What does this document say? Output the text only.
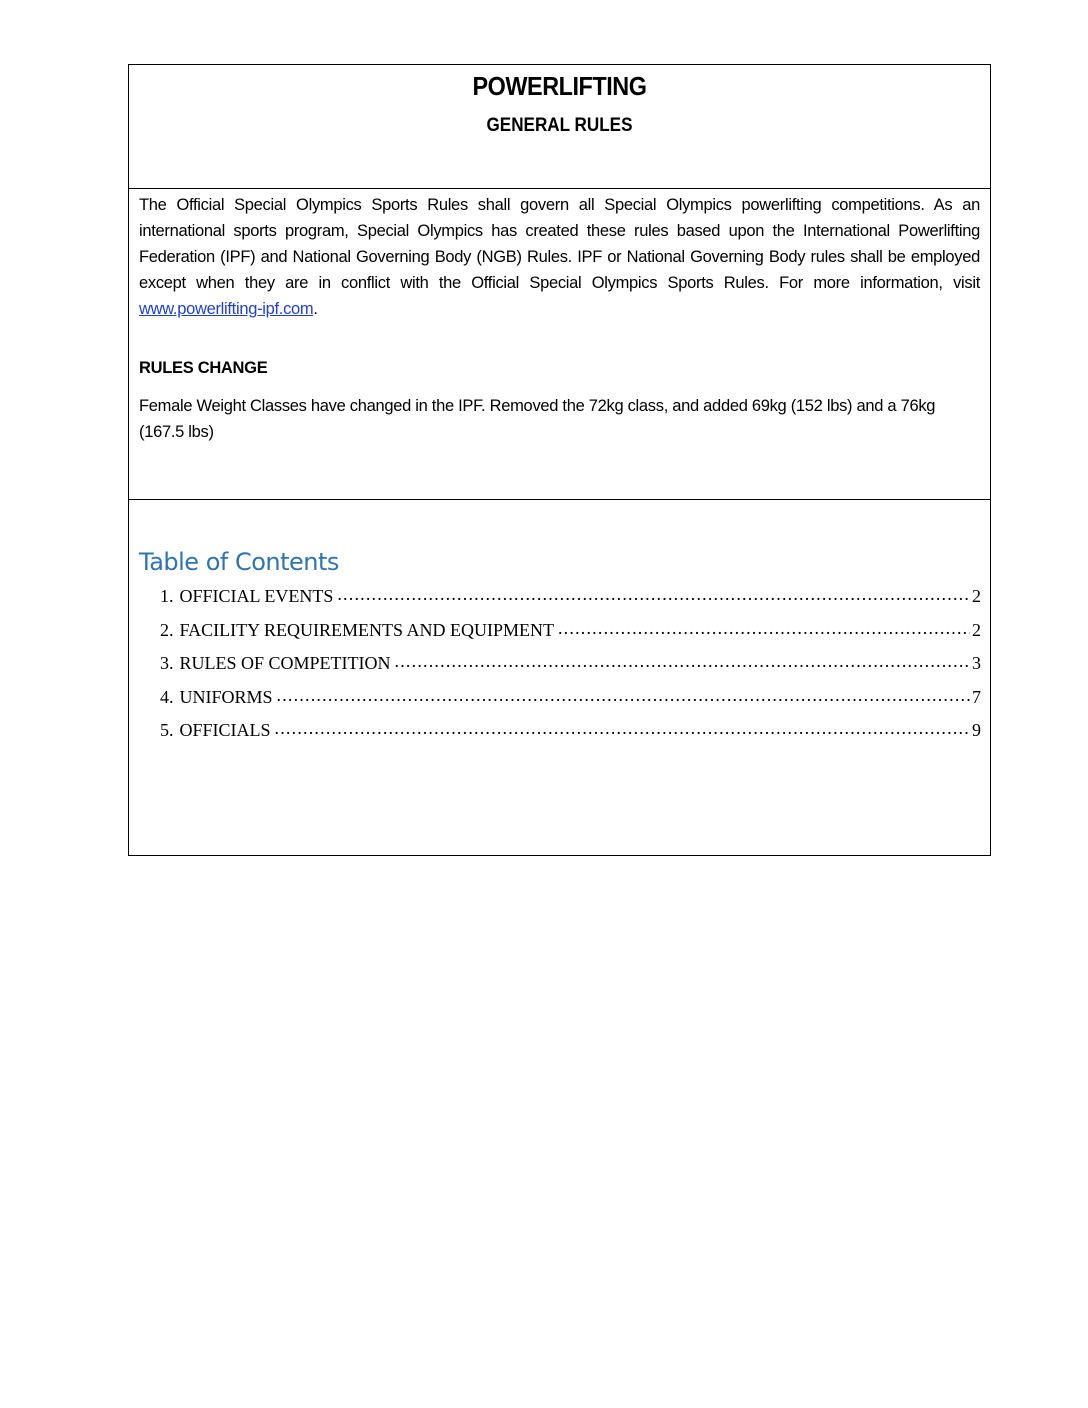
POWERLIFTING
GENERAL RULES
The Official Special Olympics Sports Rules shall govern all Special Olympics powerlifting competitions. As an international sports program, Special Olympics has created these rules based upon the International Powerlifting Federation (IPF) and National Governing Body (NGB) Rules. IPF or National Governing Body rules shall be employed except when they are in conflict with the Official Special Olympics Sports Rules. For more information, visit www.powerlifting-ipf.com.
RULES CHANGE
Female Weight Classes have changed in the IPF. Removed the 72kg class, and added 69kg (152 lbs) and a 76kg (167.5 lbs)
Table of Contents
1. OFFICIAL EVENTS .....	2
2. FACILITY REQUIREMENTS AND EQUIPMENT .....	2
3. RULES OF COMPETITION .....	3
4. UNIFORMS .....	7
5. OFFICIALS .....	9
